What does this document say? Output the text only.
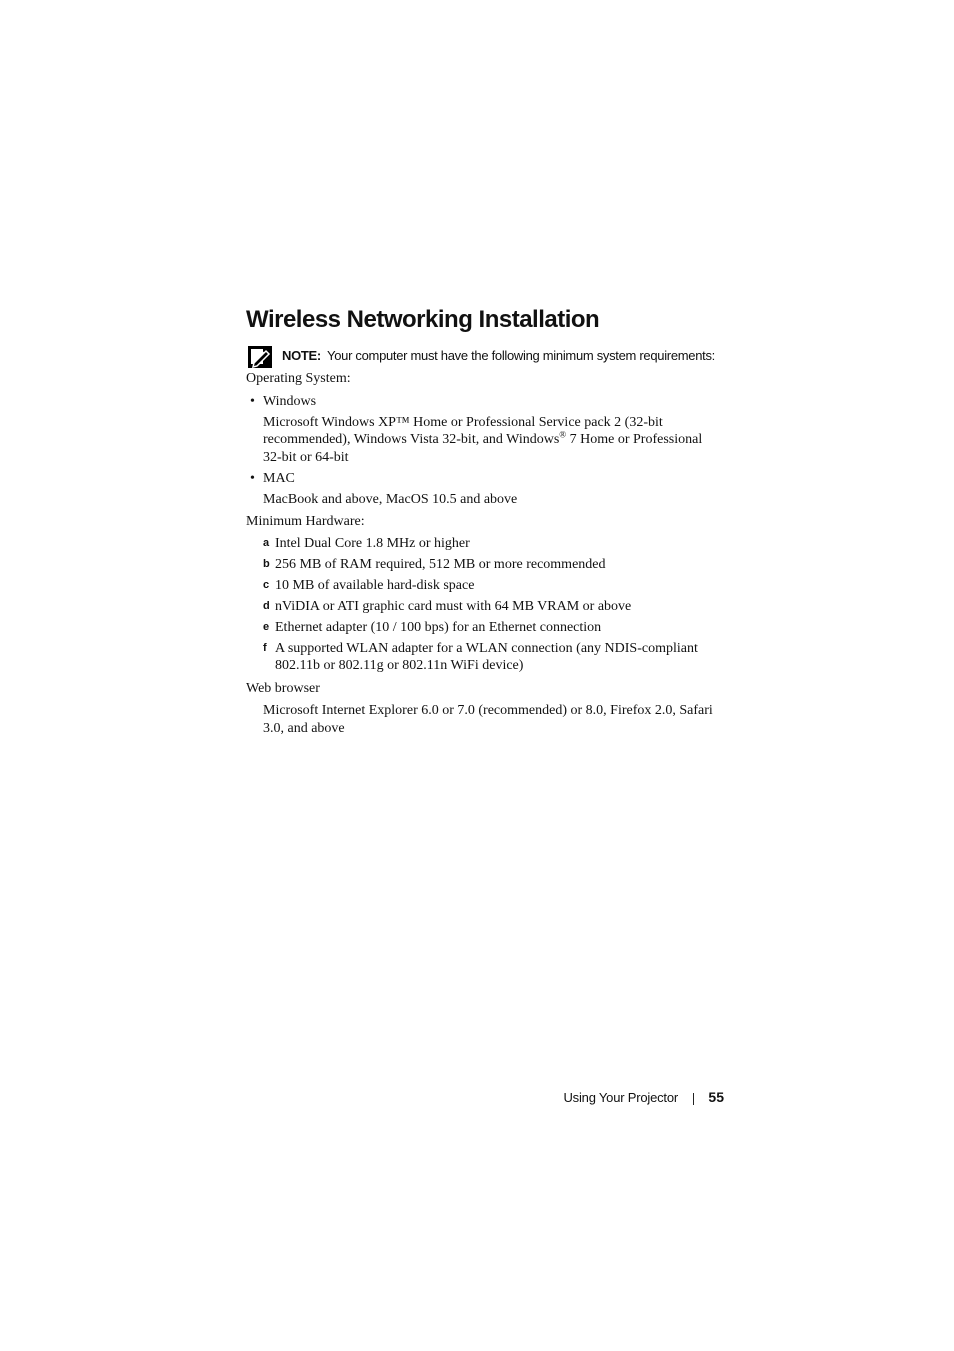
Wireless Networking Installation
NOTE: Your computer must have the following minimum system requirements:
Operating System:
• Windows
Microsoft Windows XP™ Home or Professional Service pack 2 (32-bit
recommended), Windows Vista 32-bit, and Windows® 7 Home or Professional
32-bit or 64-bit
• MAC
MacBook and above, MacOS 10.5 and above
Minimum Hardware:
a Intel Dual Core 1.8 MHz or higher
b 256 MB of RAM required, 512 MB or more recommended
c 10 MB of available hard-disk space
d nViDIA or ATI graphic card must with 64 MB VRAM or above
e Ethernet adapter (10 / 100 bps) for an Ethernet connection
f A supported WLAN adapter for a WLAN connection (any NDIS-compliant
802.11b or 802.11g or 802.11n WiFi device)
Web browser
Microsoft Internet Explorer 6.0 or 7.0 (recommended) or 8.0, Firefox 2.0, Safari
3.0, and above
Using Your Projector 55
